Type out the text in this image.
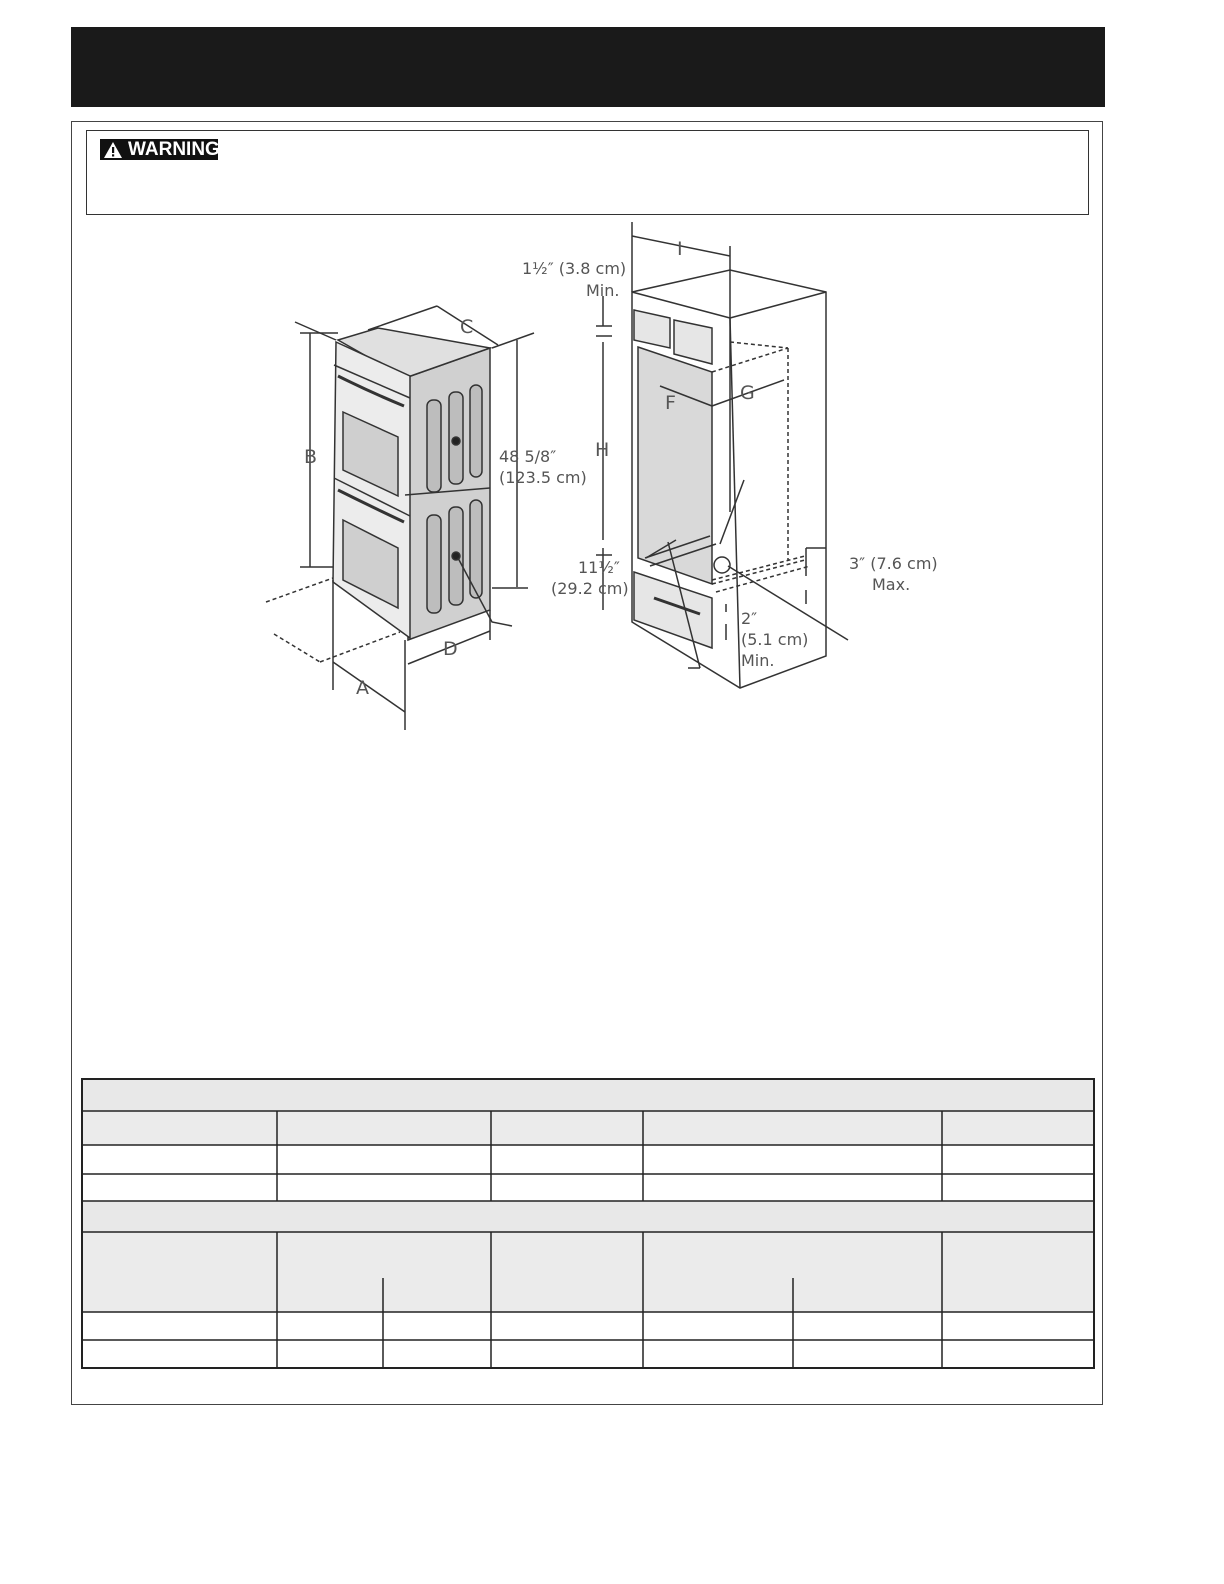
WARNING
C
B	48 5/8″
(123.5 cm)
D
A
I
1½″ (3.8 cm)
Min.
F	G
H
11½″
(29.2 cm)
3″ (7.6 cm)
Max.
2″
(5.1 cm)
Min.
